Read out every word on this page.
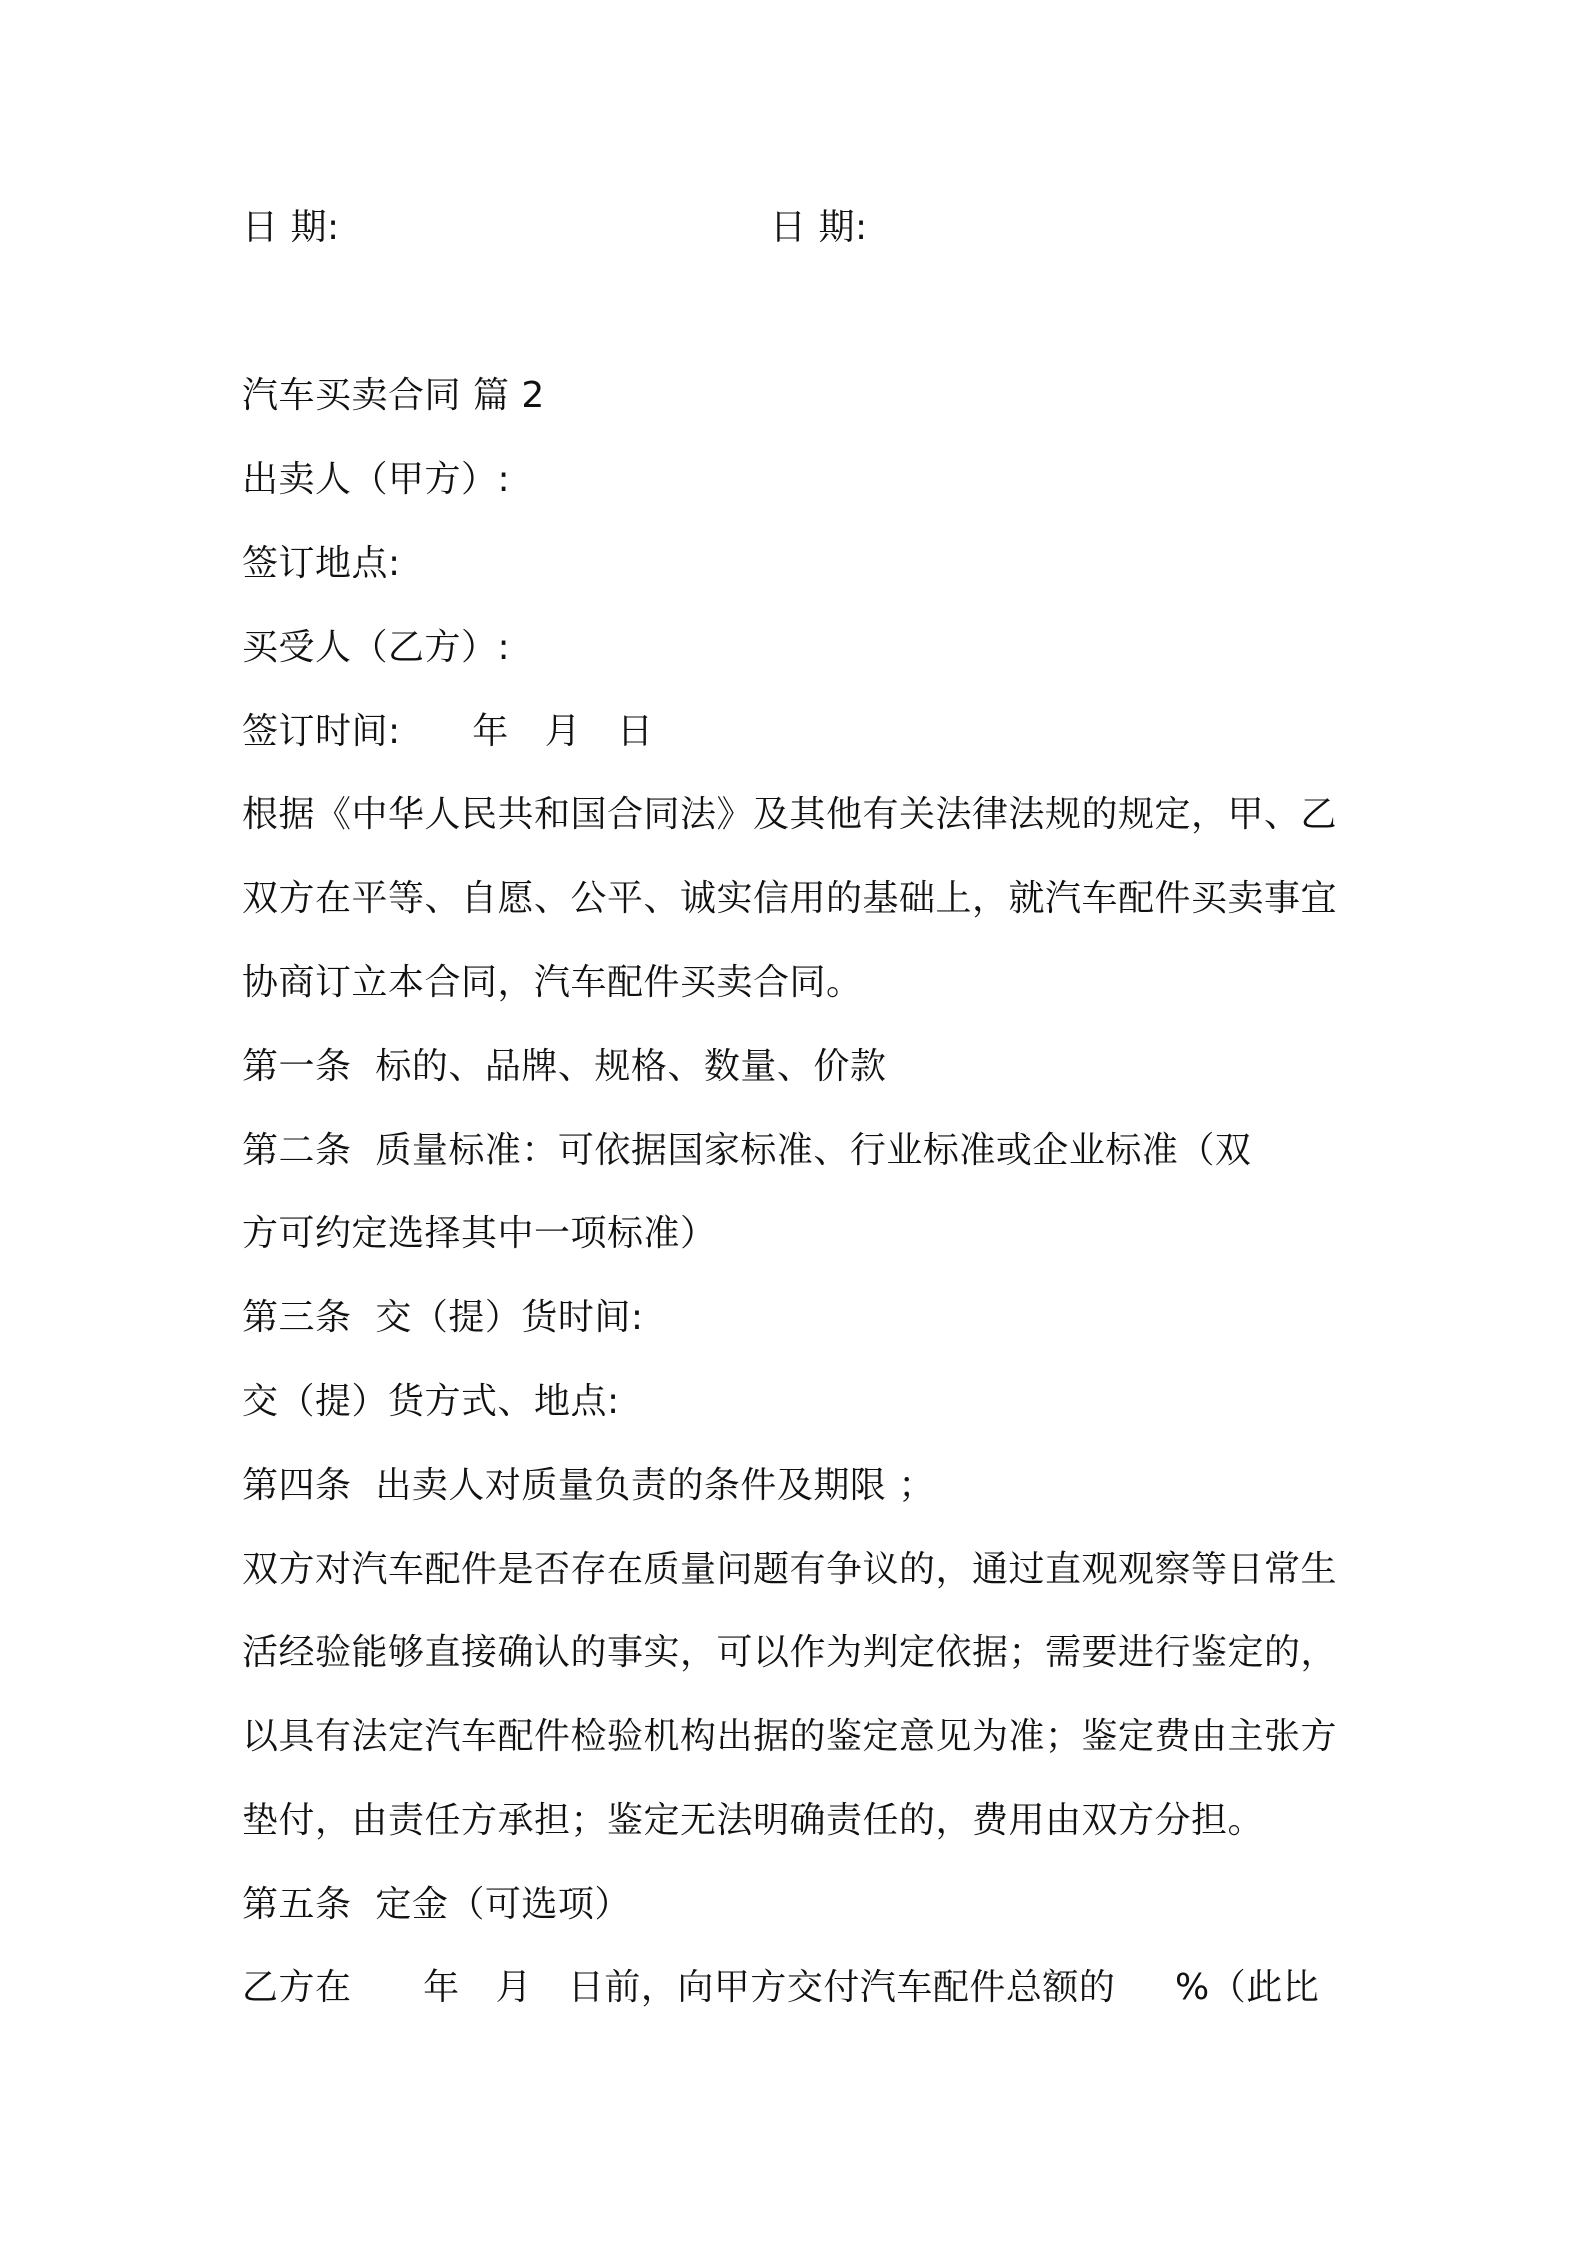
日 期:	日 期:
汽车买卖合同 篇 2
出卖人（甲方）:
签订地点:
买受人（乙方）:
签订时间:      年   月   日
根据《中华人民共和国合同法》及其他有关法律法规的规定，甲、乙
双方在平等、自愿、公平、诚实信用的基础上，就汽车配件买卖事宜
协商订立本合同，汽车配件买卖合同。
第一条  标的、品牌、规格、数量、价款
第二条  质量标准：可依据国家标准、行业标准或企业标准（双
方可约定选择其中一项标准）
第三条  交（提）货时间:
交（提）货方式、地点:
第四条  出卖人对质量负责的条件及期限 ；
双方对汽车配件是否存在质量问题有争议的，通过直观观察等日常生
活经验能够直接确认的事实，可以作为判定依据；需要进行鉴定的，
以具有法定汽车配件检验机构出据的鉴定意见为准；鉴定费由主张方
垫付，由责任方承担；鉴定无法明确责任的，费用由双方分担。
第五条  定金（可选项）
乙方在      年   月   日前，向甲方交付汽车配件总额的     %（此比
